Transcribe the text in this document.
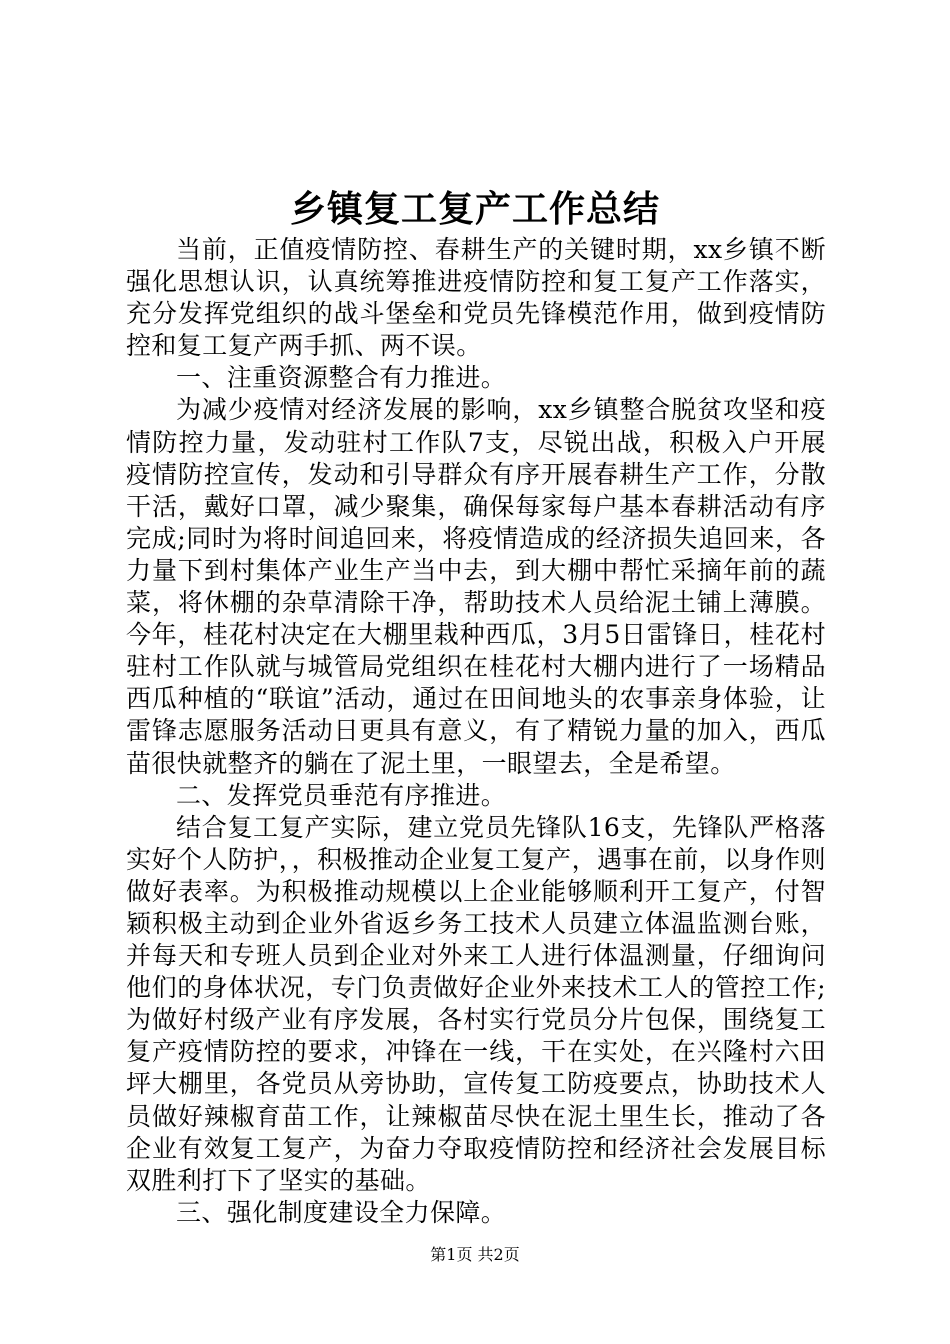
乡镇复工复产工作总结

当前，正值疫情防控、春耕生产的关键时期，xx乡镇不断强化思想认识，认真统筹推进疫情防控和复工复产工作落实，充分发挥党组织的战斗堡垒和党员先锋模范作用，做到疫情防控和复工复产两手抓、两不误。

一、注重资源整合有力推进。

为减少疫情对经济发展的影响，xx乡镇整合脱贫攻坚和疫情防控力量，发动驻村工作队7支，尽锐出战，积极入户开展疫情防控宣传，发动和引导群众有序开展春耕生产工作，分散干活，戴好口罩，减少聚集，确保每家每户基本春耕活动有序完成;同时为将时间追回来，将疫情造成的经济损失追回来，各力量下到村集体产业生产当中去，到大棚中帮忙采摘年前的蔬菜，将休棚的杂草清除干净，帮助技术人员给泥土铺上薄膜。今年，桂花村决定在大棚里栽种西瓜，3月5日雷锋日，桂花村驻村工作队就与城管局党组织在桂花村大棚内进行了一场精品西瓜种植的“联谊”活动，通过在田间地头的农事亲身体验，让雷锋志愿服务活动日更具有意义，有了精锐力量的加入，西瓜苗很快就整齐的躺在了泥土里，一眼望去，全是希望。

二、发挥党员垂范有序推进。

结合复工复产实际，建立党员先锋队16支，先锋队严格落实好个人防护，，积极推动企业复工复产，遇事在前，以身作则做好表率。为积极推动规模以上企业能够顺利开工复产，付智颖积极主动到企业外省返乡务工技术人员建立体温监测台账，并每天和专班人员到企业对外来工人进行体温测量，仔细询问他们的身体状况，专门负责做好企业外来技术工人的管控工作;为做好村级产业有序发展，各村实行党员分片包保，围绕复工复产疫情防控的要求，冲锋在一线，干在实处，在兴隆村六田坪大棚里，各党员从旁协助，宣传复工防疫要点，协助技术人员做好辣椒育苗工作，让辣椒苗尽快在泥土里生长，推动了各企业有效复工复产，为奋力夺取疫情防控和经济社会发展目标双胜利打下了坚实的基础。

三、强化制度建设全力保障。

第1页 共2页
